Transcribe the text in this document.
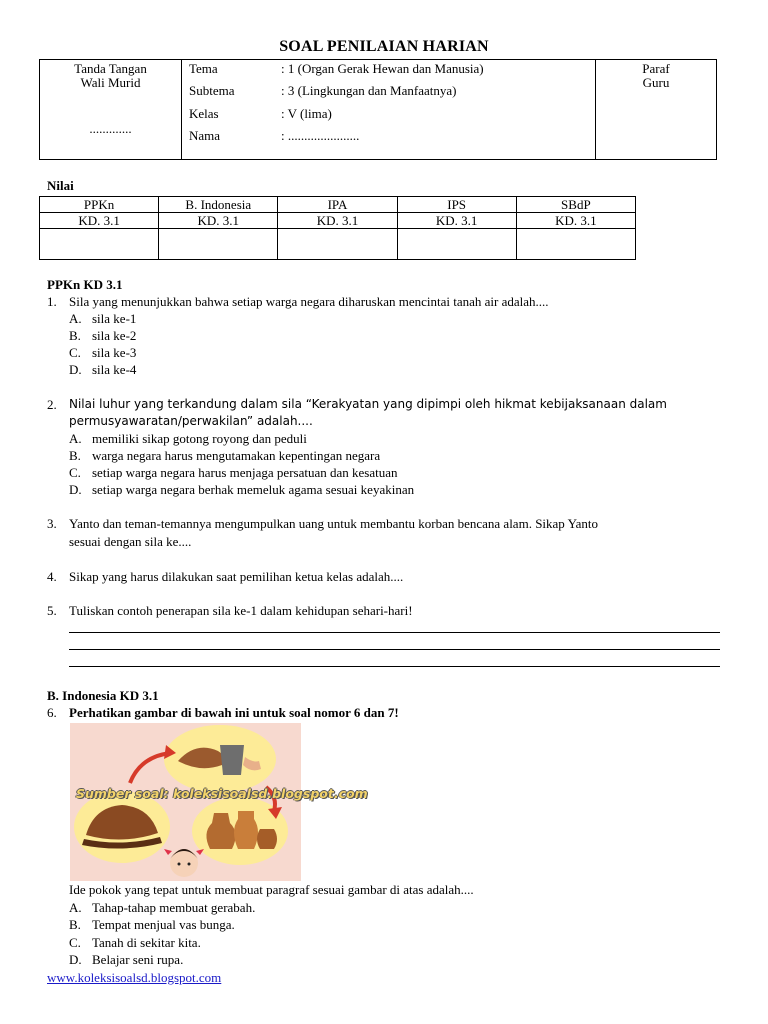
SOAL PENILAIAN HARIAN
Tanda Tangan
Wali Murid
.............
Tema	: 1 (Organ Gerak Hewan dan Manusia)
Subtema	: 3 (Lingkungan dan Manfaatnya)
Kelas	: V (lima)
Nama	: ......................
Paraf
Guru
Nilai
PPKn	B. Indonesia	IPA	IPS	SBdP
KD. 3.1	KD. 3.1	KD. 3.1	KD. 3.1	KD. 3.1

PPKn KD 3.1
1. Sila yang menunjukkan bahwa setiap warga negara diharuskan mencintai tanah air adalah....
A. sila ke-1
B. sila ke-2
C. sila ke-3
D. sila ke-4
2. Nilai luhur yang terkandung dalam sila “Kerakyatan yang dipimpi oleh hikmat kebijaksanaan dalam
permusyawaratan/perwakilan” adalah....
A. memiliki sikap gotong royong dan peduli
B. warga negara harus mengutamakan kepentingan negara
C. setiap warga negara harus menjaga persatuan dan kesatuan
D. setiap warga negara berhak memeluk agama sesuai keyakinan
3. Yanto dan teman-temannya mengumpulkan uang untuk membantu korban bencana alam. Sikap Yanto
sesuai dengan sila ke....
4. Sikap yang harus dilakukan saat pemilihan ketua kelas adalah....
5. Tuliskan contoh penerapan sila ke-1 dalam kehidupan sehari-hari!
B. Indonesia KD 3.1
6. Perhatikan gambar di bawah ini untuk soal nomor 6 dan 7!
Sumber soal: koleksisoalsd.blogspot.com
Ide pokok yang tepat untuk membuat paragraf sesuai gambar di atas adalah....
A. Tahap-tahap membuat gerabah.
B. Tempat menjual vas bunga.
C. Tanah di sekitar kita.
D. Belajar seni rupa.
www.koleksisoalsd.blogspot.com
